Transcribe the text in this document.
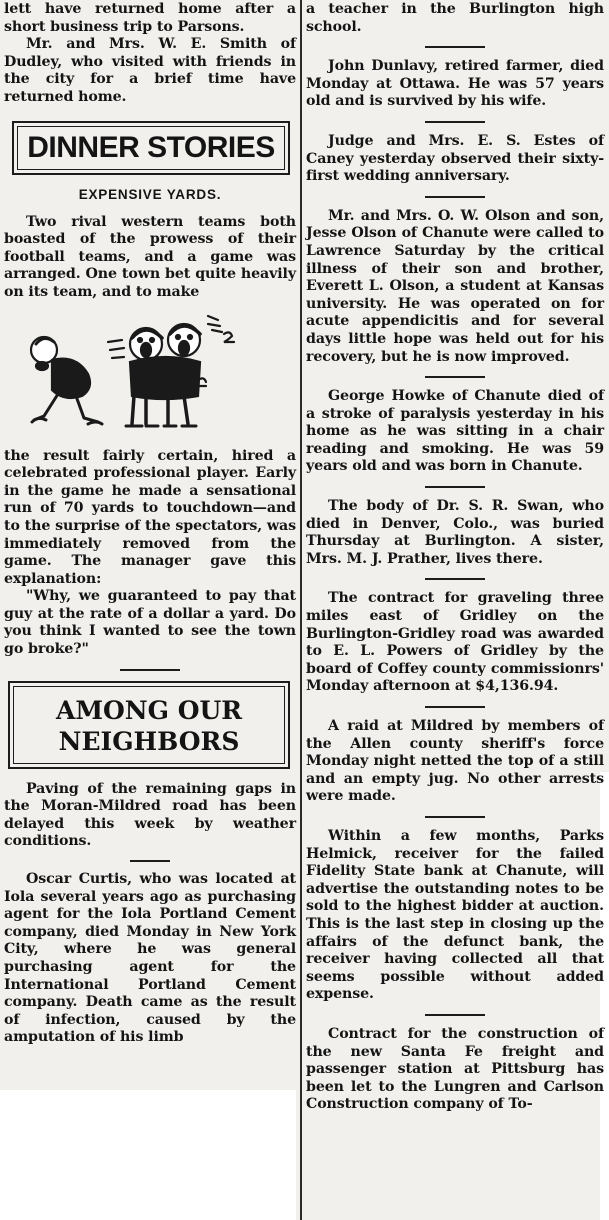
lett have returned home after a short business trip to Parsons.

Mr. and Mrs. W. E. Smith of Dudley, who visited with friends in the city for a brief time have returned home.

DINNER STORIES
EXPENSIVE YARDS.

Two rival western teams both boasted of the prowess of their football teams, and a game was arranged. One town bet quite heavily on its team, and to make

the result fairly certain, hired a celebrated professional player. Early in the game he made a sensational run of 70 yards to touchdown—and to the surprise of the spectators, was immediately removed from the game. The manager gave this explanation:

"Why, we guaranteed to pay that guy at the rate of a dollar a yard. Do you think I wanted to see the town go broke?"

AMONG OUR
NEIGHBORS

Paving of the remaining gaps in the Moran-Mildred road has been delayed this week by weather conditions.

Oscar Curtis, who was located at Iola several years ago as purchasing agent for the Iola Portland Cement company, died Monday in New York City, where he was general purchasing agent for the International Portland Cement company. Death came as the result of infection, caused by the amputation of his limb

a teacher in the Burlington high school.

John Dunlavy, retired farmer, died Monday at Ottawa. He was 57 years old and is survived by his wife.

Judge and Mrs. E. S. Estes of Caney yesterday observed their sixty-first wedding anniversary.

Mr. and Mrs. O. W. Olson and son, Jesse Olson of Chanute were called to Lawrence Saturday by the critical illness of their son and brother, Everett L. Olson, a student at Kansas university. He was operated on for acute appendicitis and for several days little hope was held out for his recovery, but he is now improved.

George Howke of Chanute died of a stroke of paralysis yesterday in his home as he was sitting in a chair reading and smoking. He was 59 years old and was born in Chanute.

The body of Dr. S. R. Swan, who died in Denver, Colo., was buried Thursday at Burlington. A sister, Mrs. M. J. Prather, lives there.

The contract for graveling three miles east of Gridley on the Burlington-Gridley road was awarded to E. L. Powers of Gridley by the board of Coffey county commissionrs' Monday afternoon at $4,136.94.

A raid at Mildred by members of the Allen county sheriff's force Monday night netted the top of a still and an empty jug. No other arrests were made.

Within a few months, Parks Helmick, receiver for the failed Fidelity State bank at Chanute, will advertise the outstanding notes to be sold to the highest bidder at auction. This is the last step in closing up the affairs of the defunct bank, the receiver having collected all that seems possible without added expense.

Contract for the construction of the new Santa Fe freight and passenger station at Pittsburg has been let to the Lungren and Carlson Construction company of To-
